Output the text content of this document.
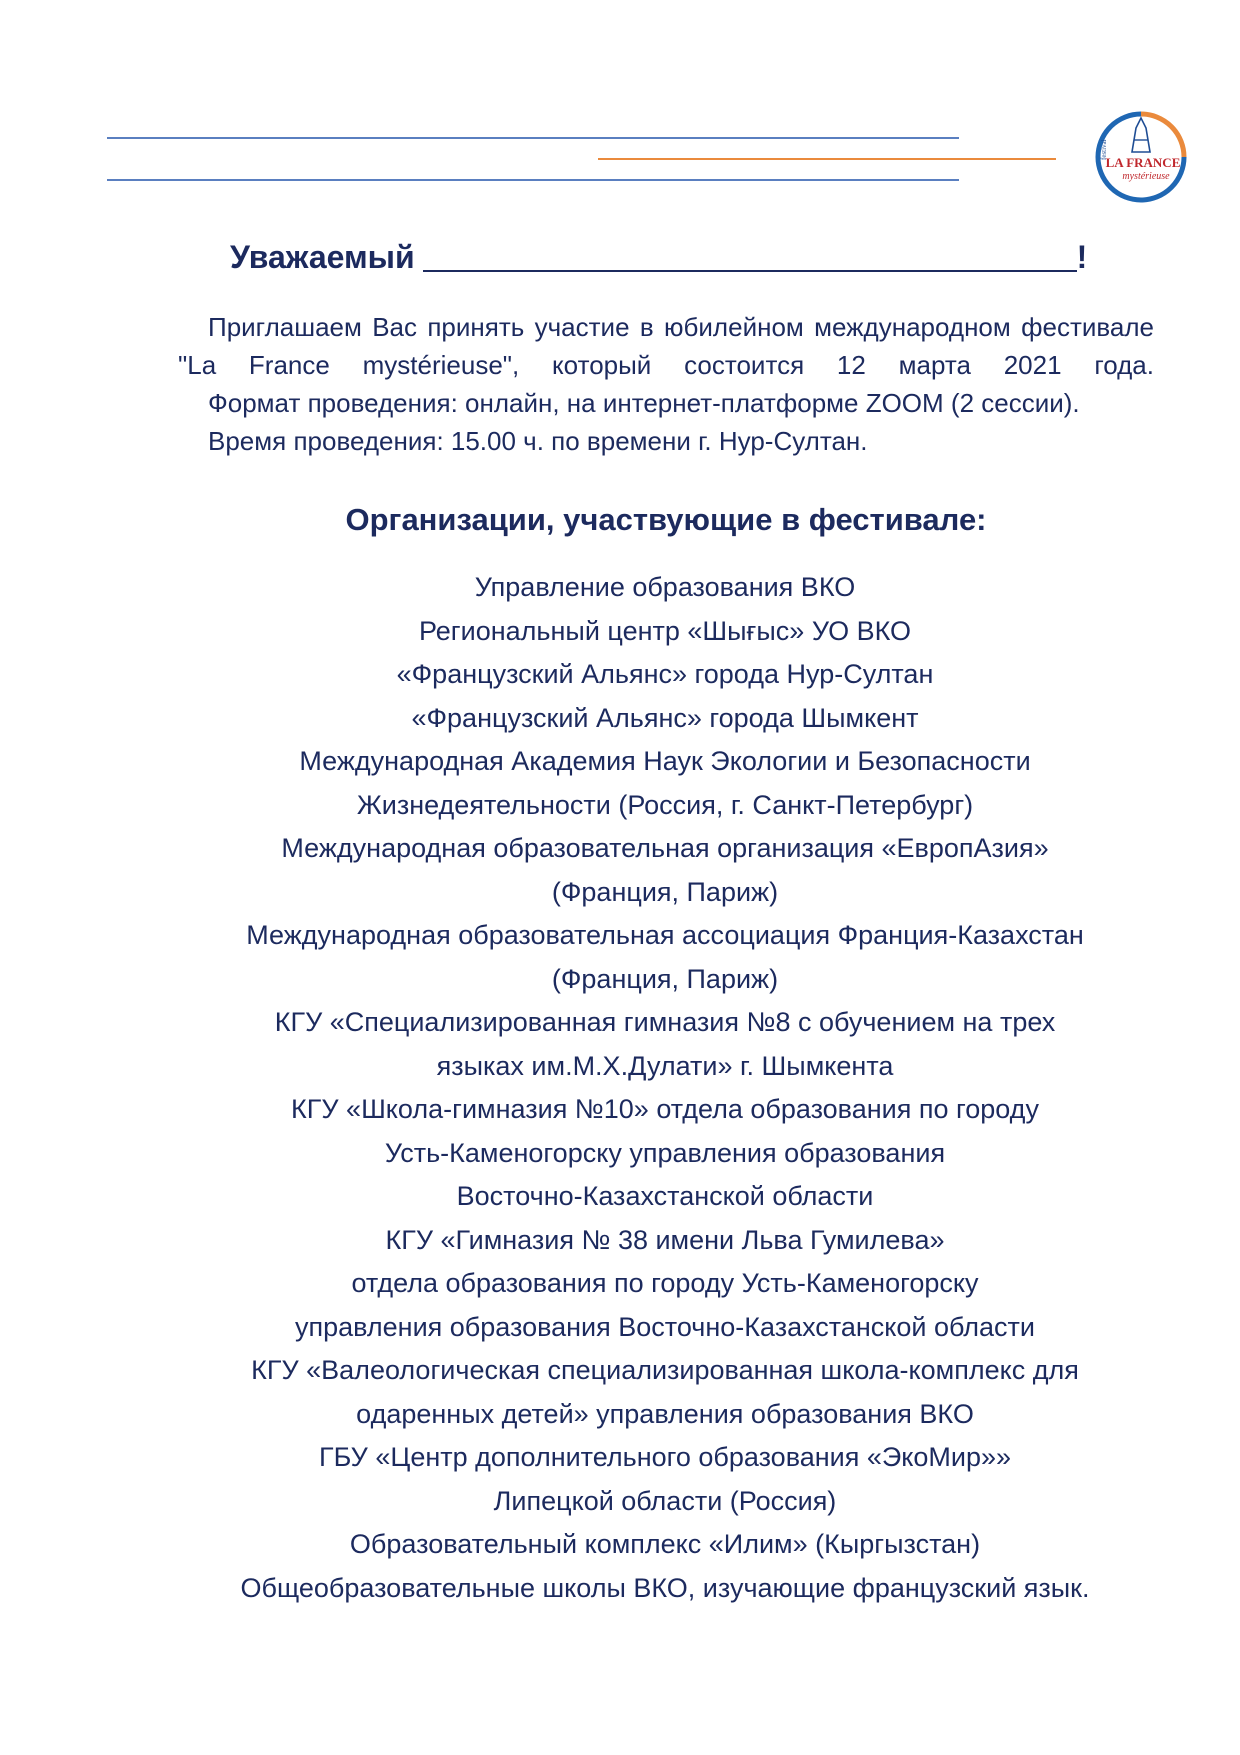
festival
LA FRANCE
mystérieuse
Уважаемый	!

Приглашаем Вас принять участие в юбилейном международном фестивале "La France mystérieuse", который состоится 12 марта 2021 года.

Формат проведения: онлайн, на интернет-платформе ZOOM (2 сессии).

Время проведения: 15.00 ч. по времени г. Нур-Султан.

Организации, участвующие в фестивале:
Управление образования ВКО
Региональный центр «Шығыс» УО ВКО
«Французский Альянс» города Нур-Султан
«Французский Альянс» города Шымкент
Международная Академия Наук Экологии и Безопасности
Жизнедеятельности (Россия, г. Санкт-Петербург)
Международная образовательная организация «ЕвропАзия»
(Франция, Париж)
Международная образовательная ассоциация Франция-Казахстан
(Франция, Париж)
КГУ «Специализированная гимназия №8 с обучением на трех
языках им.М.Х.Дулати» г. Шымкента
КГУ «Школа-гимназия №10» отдела образования по городу
Усть-Каменогорску управления образования
Восточно-Казахстанской области
КГУ «Гимназия № 38 имени Льва Гумилева»
отдела образования по городу Усть-Каменогорску
управления образования Восточно-Казахстанской области
КГУ «Валеологическая специализированная школа-комплекс для
одаренных детей» управления образования ВКО
ГБУ «Центр дополнительного образования «ЭкоМир»»
Липецкой области (Россия)
Образовательный комплекс «Илим» (Кыргызстан)
Общеобразовательные школы ВКО, изучающие французский язык.
